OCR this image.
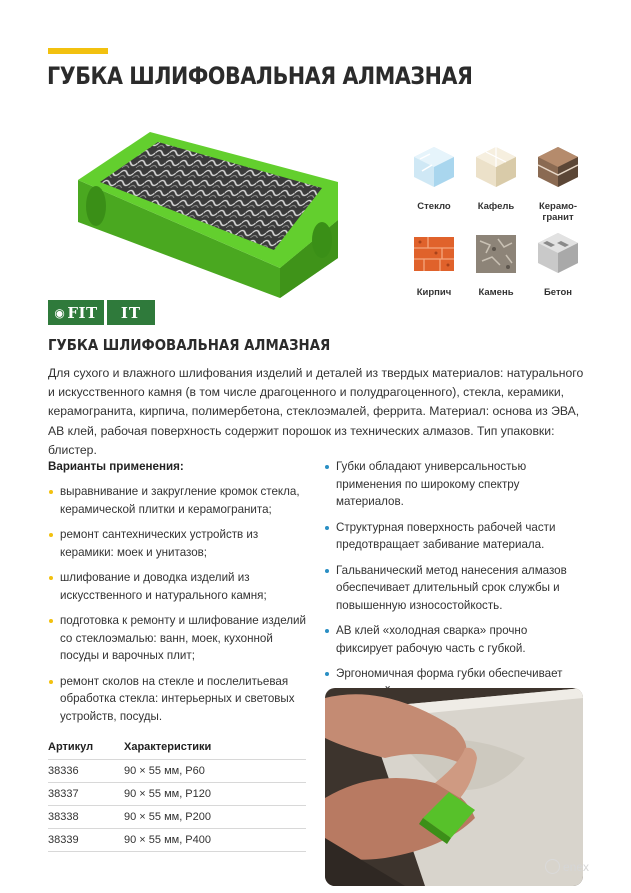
ГУБКА ШЛИФОВАЛЬНАЯ АЛМАЗНАЯ
Стекло	Кафель	Керамо-
гранит
Кирпич	Камень	Бетон
◉ FIT	IT
ГУБКА ШЛИФОВАЛЬНАЯ АЛМАЗНАЯ

Для сухого и влажного шлифования изделий и деталей из твердых материалов: натурального и искусственного камня (в том числе драгоценного и полудрагоценного), стекла, керамики, керамогранита, кирпича, полимербетона, стеклоэмалей, феррита. Материал: основа из ЭВА, АВ клей, рабочая поверхность содержит порошок из технических алмазов. Тип упаковки: блистер.

Варианты применения:
выравнивание и закругление кромок стекла, керамической плитки и керамогранита;
ремонт сантехнических устройств из керамики: моек и унитазов;
шлифование и доводка изделий из искусственного и натурального камня;
подготовка к ремонту и шлифование изделий со стеклоэмалью: ванн, моек, кухонной посуды и варочных плит;
ремонт сколов на стекле и послелитьевая обработка стекла: интерьерных и световых устройств, посуды.
Губки обладают универсальностью применения по широкому спектру материалов.
Структурная поверхность рабочей части предотвращает забивание материала.
Гальванический метод нанесения алмазов обеспечивает длительный срок службы и повышенную износостойкость.
АВ клей «холодная сварка» прочно фиксирует рабочую часть с губкой.
Эргономичная форма губки обеспечивает
Артикул	Характеристики
38336	90 × 55 мм, P60
38337	90 × 55 мм, P120
38338	90 × 55 мм, P200
38339	90 × 55 мм, P400
enex
